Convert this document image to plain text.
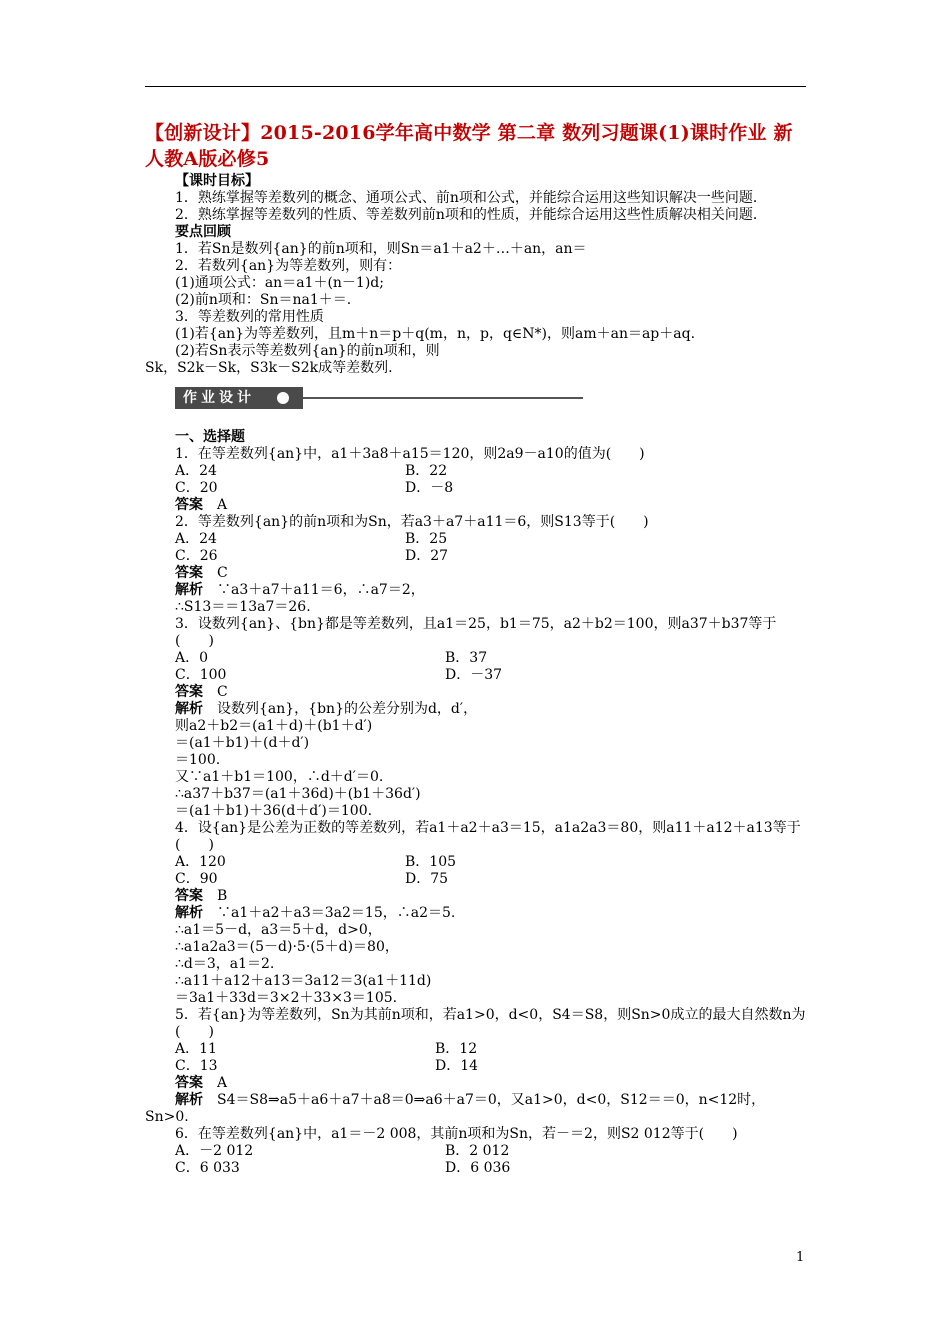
【创新设计】2015-2016学年高中数学 第二章 数列习题课(1)课时作业 新人教A版必修5

【课时目标】

1．熟练掌握等差数列的概念、通项公式、前n项和公式，并能综合运用这些知识解决一些问题．

2．熟练掌握等差数列的性质、等差数列前n项和的性质，并能综合运用这些性质解决相关问题．

要点回顾

1．若Sn是数列{an}的前n项和，则Sn＝a1＋a2＋…＋an，an＝

2．若数列{an}为等差数列，则有：

(1)通项公式：an＝a1＋(n－1)d;

(2)前n项和：Sn＝na1＋＝.

3．等差数列的常用性质

(1)若{an}为等差数列，且m＋n＝p＋q(m，n，p，q∈N*)，则am＋an＝ap＋aq.

(2)若Sn表示等差数列{an}的前n项和，则

Sk，S2k－Sk，S3k－S2k成等差数列.

作业设计

一、选择题

1．在等差数列{an}中，a1＋3a8＋a15＝120，则2a9－a10的值为(　　)

A．24	B．22
C．20	D．－8

答案　 A

2．等差数列{an}的前n项和为Sn，若a3＋a7＋a11＝6，则S13等于(　　)

A．24	B．25
C．26	D．27

答案　 C

解析　 ∵a3＋a7＋a11＝6，∴a7＝2，

∴S13＝＝13a7＝26.

3．设数列{an}、{bn}都是等差数列，且a1＝25，b1＝75，a2＋b2＝100，则a37＋b37等于(　　)

A．0	B．37
C．100	D．－37

答案　 C

解析　 设数列{an}，{bn}的公差分别为d，d′，

则a2＋b2＝(a1＋d)＋(b1＋d′)

＝(a1＋b1)＋(d＋d′)

＝100.

又∵a1＋b1＝100，∴d＋d′＝0.

∴a37＋b37＝(a1＋36d)＋(b1＋36d′)

＝(a1＋b1)＋36(d＋d′)＝100.

4．设{an}是公差为正数的等差数列，若a1＋a2＋a3＝15，a1a2a3＝80，则a11＋a12＋a13等于(　　)

A．120	B．105
C．90	D．75

答案　 B

解析　 ∵a1＋a2＋a3＝3a2＝15，∴a2＝5.

∴a1＝5－d，a3＝5＋d，d>0，

∴a1a2a3＝(5－d)·5·(5＋d)＝80，

∴d＝3，a1＝2.

∴a11＋a12＋a13＝3a12＝3(a1＋11d)

＝3a1＋33d＝3×2＋33×3＝105.

5．若{an}为等差数列，Sn为其前n项和，若a1>0，d<0，S4＝S8，则Sn>0成立的最大自然数n为(　　)

A．11	B．12
C．13	D．14

答案　 A

解析　 S4＝S8⇒a5＋a6＋a7＋a8＝0⇒a6＋a7＝0，又a1>0，d<0，S12＝＝0，n<12时，

Sn>0.

6．在等差数列{an}中，a1＝－2 008，其前n项和为Sn，若－＝2，则S2 012等于(　　)

A．－2 012	B．2 012
C．6 033	D．6 036
1
